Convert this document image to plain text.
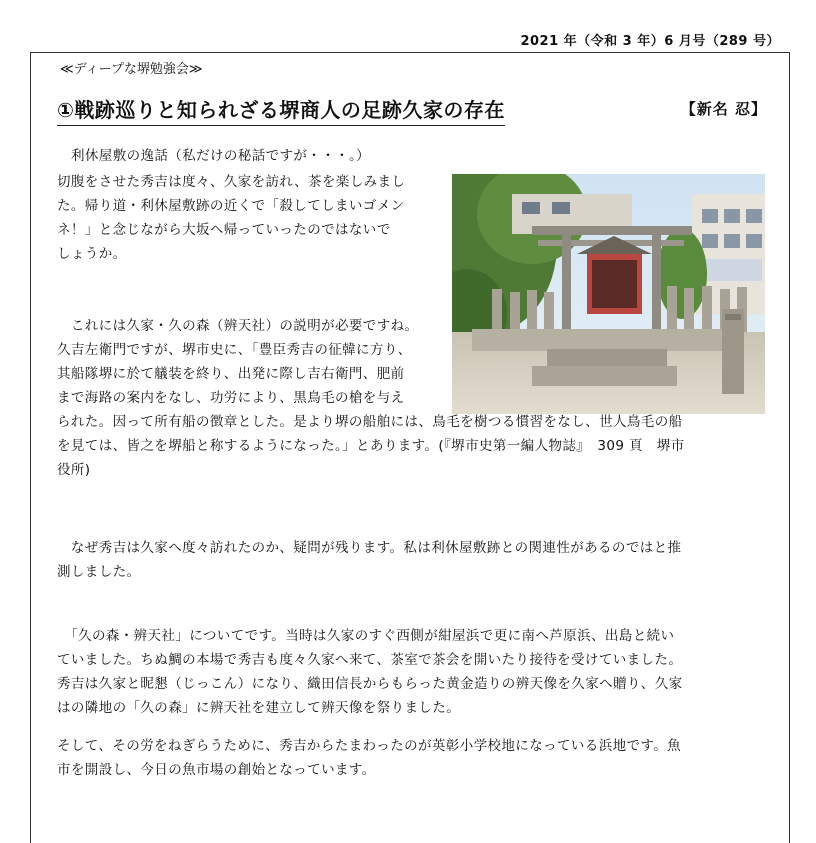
2021 年（令和 3 年）6 月号（289 号）
≪ディープな堺勉強会≫
①戦跡巡りと知られざる堺商人の足跡久家の存在	【新名 忍】
利休屋敷の逸話（私だけの秘話ですが・・・。）
切腹をさせた秀吉は度々、久家を訪れ、茶を楽しみまし
た。帰り道・利休屋敷跡の近くで「殺してしまいゴメン
ネ！」と念じながら大坂へ帰っていったのではないで
しょうか。
　これには久家・久の森（辨天社）の説明が必要ですね。
久吉左衛門ですが、堺市史に、「豊臣秀吉の征韓に方り、
其船隊堺に於て艤装を終り、出発に際し吉右衛門、肥前
まで海路の案内をなし、功労により、黒鳥毛の槍を与え
られた。因って所有船の徴章とした。是より堺の船舶には、鳥毛を樹つる慣習をなし、世人鳥毛の船
を見ては、皆之を堺船と称するようになった。」とあります。(『堺市史第一編人物誌』　309 頁　堺市
役所)
　なぜ秀吉は久家へ度々訪れたのか、疑問が残ります。私は利休屋敷跡との関連性があるのではと推
測しました。
　「久の森・辨天社」についてです。当時は久家のすぐ西側が紺屋浜で更に南へ芦原浜、出島と続い
ていました。ちぬ鯛の本場で秀吉も度々久家へ来て、茶室で茶会を開いたり接待を受けていました。
秀吉は久家と昵懇（じっこん）になり、織田信長からもらった黄金造りの辨天像を久家へ贈り、久家
はの隣地の「久の森」に辨天社を建立して辨天像を祭りました。
そして、その労をねぎらうために、秀吉からたまわったのが英彰小学校地になっている浜地です。魚
市を開設し、今日の魚市場の創始となっています。
